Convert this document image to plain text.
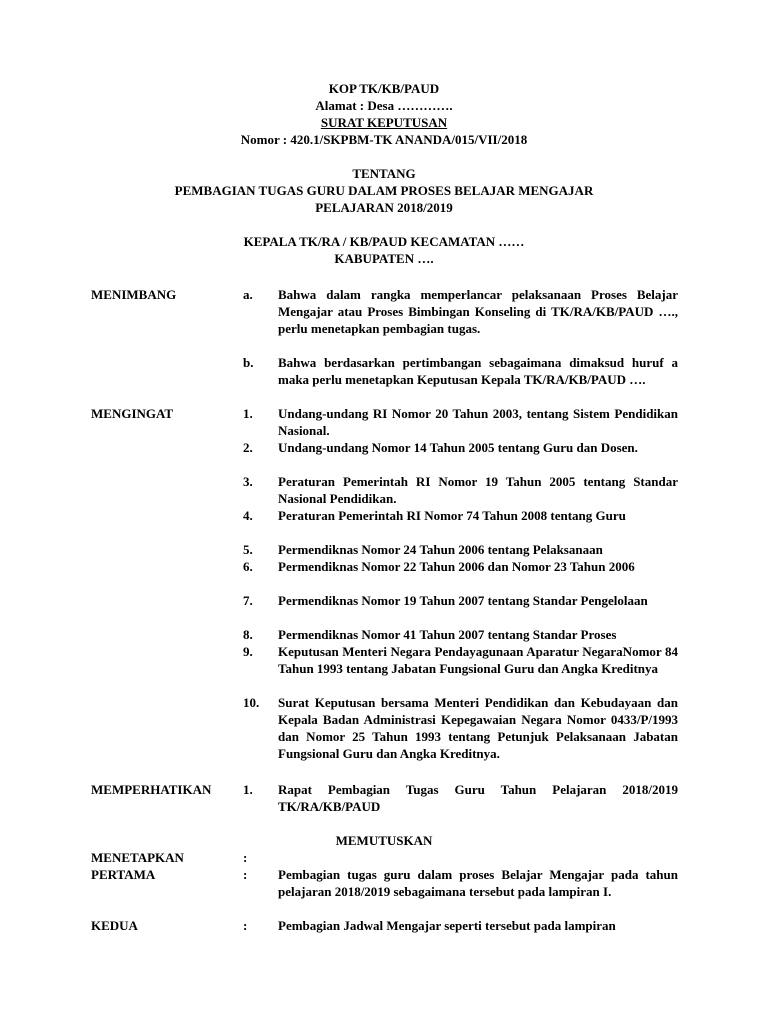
KOP TK/KB/PAUD
Alamat : Desa ………….
SURAT KEPUTUSAN
Nomor : 420.1/SKPBM-TK ANANDA/015/VII/2018
TENTANG
PEMBAGIAN TUGAS GURU DALAM PROSES BELAJAR MENGAJAR
PELAJARAN 2018/2019
KEPALA TK/RA / KB/PAUD KECAMATAN ……
KABUPATEN ….
MENIMBANG	a. Bahwa dalam rangka memperlancar pelaksanaan Proses Belajar Mengajar atau Proses Bimbingan Konseling di TK/RA/KB/PAUD …., perlu menetapkan pembagian tugas.
b. Bahwa berdasarkan pertimbangan sebagaimana dimaksud huruf a maka perlu menetapkan Keputusan Kepala TK/RA/KB/PAUD ….
MENGINGAT	1. Undang-undang RI Nomor 20 Tahun 2003, tentang Sistem Pendidikan Nasional.
2. Undang-undang Nomor 14 Tahun 2005 tentang Guru dan Dosen.
3. Peraturan Pemerintah RI Nomor 19 Tahun 2005 tentang Standar Nasional Pendidikan.
4. Peraturan Pemerintah RI Nomor 74 Tahun 2008 tentang Guru
5. Permendiknas Nomor 24 Tahun 2006 tentang Pelaksanaan
6. Permendiknas Nomor 22 Tahun 2006 dan Nomor 23 Tahun 2006
7. Permendiknas Nomor 19 Tahun 2007 tentang Standar Pengelolaan
8. Permendiknas Nomor 41 Tahun 2007 tentang Standar Proses
9. Keputusan Menteri Negara Pendayagunaan Aparatur NegaraNomor 84 Tahun 1993 tentang Jabatan Fungsional Guru dan Angka Kreditnya
10. Surat Keputusan bersama Menteri Pendidikan dan Kebudayaan dan Kepala Badan Administrasi Kepegawaian Negara Nomor 0433/P/1993 dan Nomor 25 Tahun 1993 tentang Petunjuk Pelaksanaan Jabatan Fungsional Guru dan Angka Kreditnya.
MEMPERHATIKAN 1. Rapat Pembagian Tugas Guru Tahun Pelajaran 2018/2019 TK/RA/KB/PAUD
MEMUTUSKAN
MENETAPKAN	:
PERTAMA	: Pembagian tugas guru dalam proses Belajar Mengajar pada tahun pelajaran 2018/2019 sebagaimana tersebut pada lampiran I.
KEDUA	: Pembagian Jadwal Mengajar seperti tersebut pada lampiran
